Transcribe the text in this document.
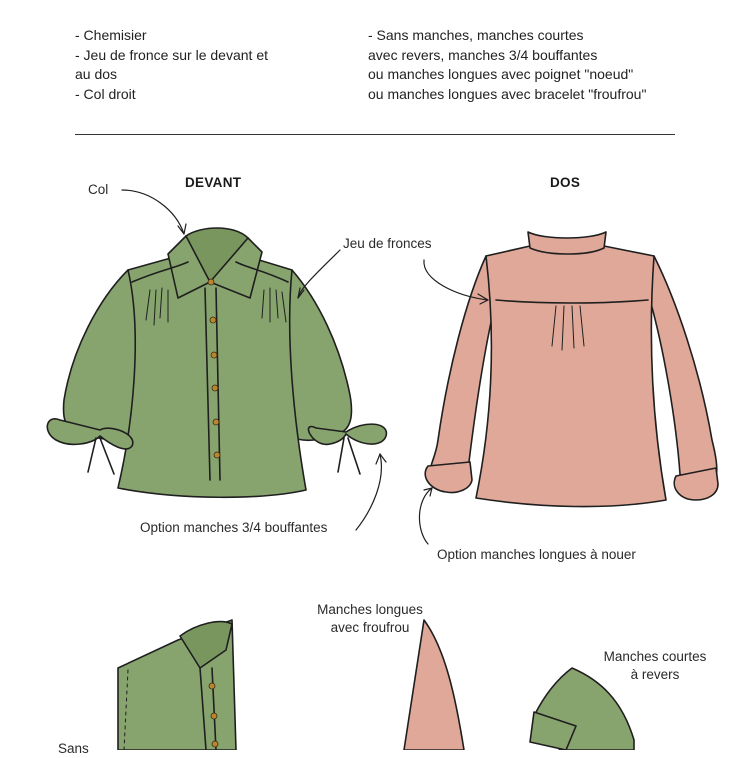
- Chemisier
- Jeu de fronce sur le devant et
au dos
- Col droit
- Sans manches, manches courtes
avec revers, manches 3/4 bouffantes
ou manches longues avec poignet "noeud"
ou manches longues avec bracelet "froufrou"
DEVANT	DOS
Col
Jeu de fronces
Option manches 3/4 bouffantes
Option manches longues à nouer
Manches longues
avec froufrou
Manches courtes
à revers
Sans
